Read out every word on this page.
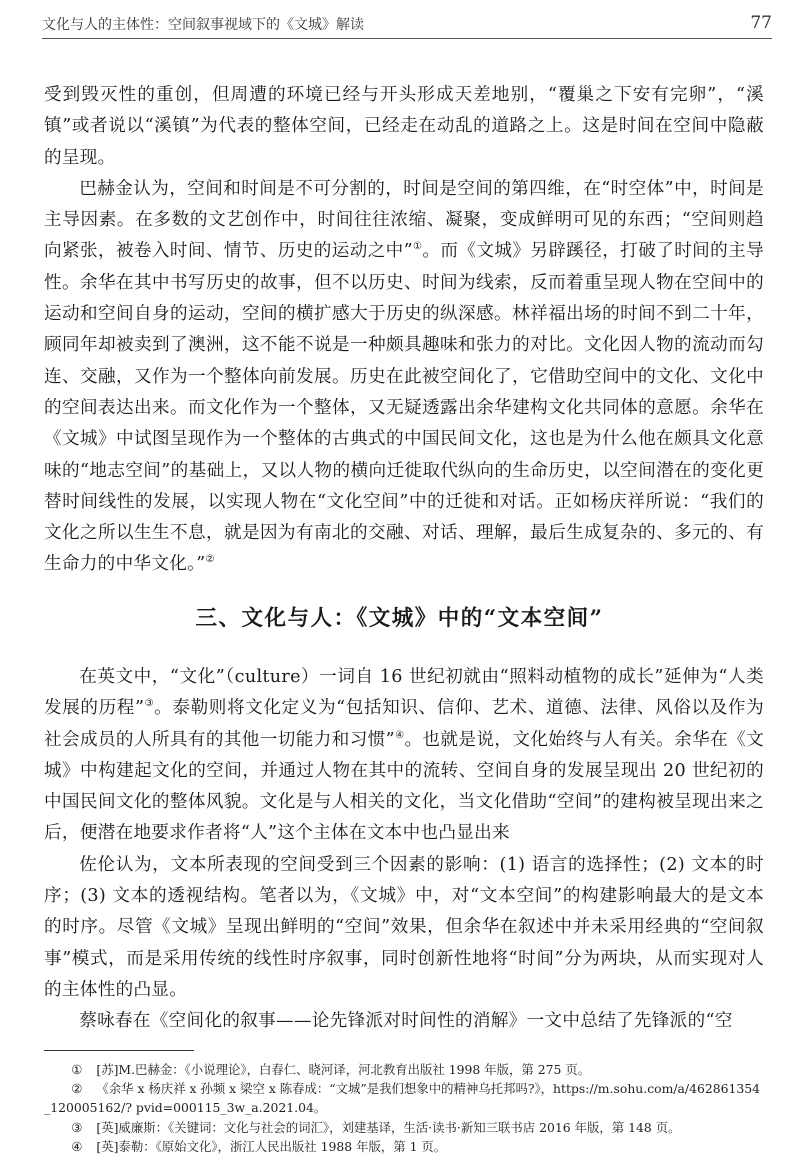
文化与人的主体性：空间叙事视域下的《文城》解读	77

受到毁灭性的重创，但周遭的环境已经与开头形成天差地别，“覆巢之下安有完卵”，“溪镇”或者说以“溪镇”为代表的整体空间，已经走在动乱的道路之上。这是时间在空间中隐蔽的呈现。

巴赫金认为，空间和时间是不可分割的，时间是空间的第四维，在“时空体”中，时间是主导因素。在多数的文艺创作中，时间往往浓缩、凝聚，变成鲜明可见的东西；“空间则趋向紧张，被卷入时间、情节、历史的运动之中”①。而《文城》另辟蹊径，打破了时间的主导性。余华在其中书写历史的故事，但不以历史、时间为线索，反而着重呈现人物在空间中的运动和空间自身的运动，空间的横扩感大于历史的纵深感。林祥福出场的时间不到二十年，顾同年却被卖到了澳洲，这不能不说是一种颇具趣味和张力的对比。文化因人物的流动而勾连、交融，又作为一个整体向前发展。历史在此被空间化了，它借助空间中的文化、文化中的空间表达出来。而文化作为一个整体，又无疑透露出余华建构文化共同体的意愿。余华在《文城》中试图呈现作为一个整体的古典式的中国民间文化，这也是为什么他在颇具文化意味的“地志空间”的基础上，又以人物的横向迁徙取代纵向的生命历史，以空间潜在的变化更替时间线性的发展，以实现人物在“文化空间”中的迁徙和对话。正如杨庆祥所说：“我们的文化之所以生生不息，就是因为有南北的交融、对话、理解，最后生成复杂的、多元的、有生命力的中华文化。”②

三、文化与人：《文城》中的“文本空间”

在英文中，“文化”（culture）一词自 16 世纪初就由“照料动植物的成长”延伸为“人类发展的历程”③。泰勒则将文化定义为“包括知识、信仰、艺术、道德、法律、风俗以及作为社会成员的人所具有的其他一切能力和习惯”④。也就是说，文化始终与人有关。余华在《文城》中构建起文化的空间，并通过人物在其中的流转、空间自身的发展呈现出 20 世纪初的中国民间文化的整体风貌。文化是与人相关的文化，当文化借助“空间”的建构被呈现出来之后，便潜在地要求作者将“人”这个主体在文本中也凸显出来

佐伦认为，文本所表现的空间受到三个因素的影响：(1) 语言的选择性；(2) 文本的时序；(3) 文本的透视结构。笔者以为，《文城》中，对“文本空间”的构建影响最大的是文本的时序。尽管《文城》呈现出鲜明的“空间”效果，但余华在叙述中并未采用经典的“空间叙事”模式，而是采用传统的线性时序叙事，同时创新性地将“时间”分为两块，从而实现对人的主体性的凸显。

蔡咏春在《空间化的叙事——论先锋派对时间性的消解》一文中总结了先锋派的“空

① [苏]M.巴赫金：《小说理论》，白春仁、晓河译，河北教育出版社 1998 年版，第 275 页。

② 《余华 x 杨庆祥 x 孙频 x 梁空 x 陈春成：“文城”是我们想象中的精神乌托邦吗?》，https://m.sohu.com/a/462861354_120005162/? pvid=000115_3w_a.2021.04。

③ [英]威廉斯：《关键词：文化与社会的词汇》，刘建基译，生活·读书·新知三联书店 2016 年版，第 148 页。

④ [英]泰勒：《原始文化》，浙江人民出版社 1988 年版，第 1 页。
